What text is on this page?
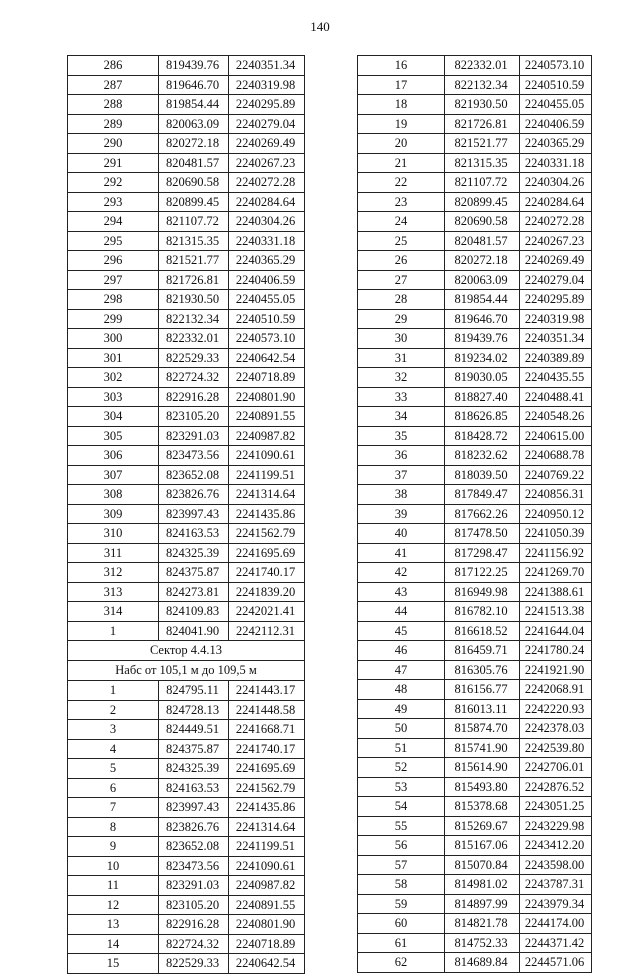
140
286	819439.76	2240351.34
287	819646.70	2240319.98
288	819854.44	2240295.89
289	820063.09	2240279.04
290	820272.18	2240269.49
291	820481.57	2240267.23
292	820690.58	2240272.28
293	820899.45	2240284.64
294	821107.72	2240304.26
295	821315.35	2240331.18
296	821521.77	2240365.29
297	821726.81	2240406.59
298	821930.50	2240455.05
299	822132.34	2240510.59
300	822332.01	2240573.10
301	822529.33	2240642.54
302	822724.32	2240718.89
303	822916.28	2240801.90
304	823105.20	2240891.55
305	823291.03	2240987.82
306	823473.56	2241090.61
307	823652.08	2241199.51
308	823826.76	2241314.64
309	823997.43	2241435.86
310	824163.53	2241562.79
311	824325.39	2241695.69
312	824375.87	2241740.17
313	824273.81	2241839.20
314	824109.83	2242021.41
1	824041.90	2242112.31
Сектор 4.4.13		
Набс от 105,1 м до 109,5 м		
1	824795.11	2241443.17
2	824728.13	2241448.58
3	824449.51	2241668.71
4	824375.87	2241740.17
5	824325.39	2241695.69
6	824163.53	2241562.79
7	823997.43	2241435.86
8	823826.76	2241314.64
9	823652.08	2241199.51
10	823473.56	2241090.61
11	823291.03	2240987.82
12	823105.20	2240891.55
13	822916.28	2240801.90
14	822724.32	2240718.89
15	822529.33	2240642.54
16	822332.01	2240573.10
17	822132.34	2240510.59
18	821930.50	2240455.05
19	821726.81	2240406.59
20	821521.77	2240365.29
21	821315.35	2240331.18
22	821107.72	2240304.26
23	820899.45	2240284.64
24	820690.58	2240272.28
25	820481.57	2240267.23
26	820272.18	2240269.49
27	820063.09	2240279.04
28	819854.44	2240295.89
29	819646.70	2240319.98
30	819439.76	2240351.34
31	819234.02	2240389.89
32	819030.05	2240435.55
33	818827.40	2240488.41
34	818626.85	2240548.26
35	818428.72	2240615.00
36	818232.62	2240688.78
37	818039.50	2240769.22
38	817849.47	2240856.31
39	817662.26	2240950.12
40	817478.50	2241050.39
41	817298.47	2241156.92
42	817122.25	2241269.70
43	816949.98	2241388.61
44	816782.10	2241513.38
45	816618.52	2241644.04
46	816459.71	2241780.24
47	816305.76	2241921.90
48	816156.77	2242068.91
49	816013.11	2242220.93
50	815874.70	2242378.03
51	815741.90	2242539.80
52	815614.90	2242706.01
53	815493.80	2242876.52
54	815378.68	2243051.25
55	815269.67	2243229.98
56	815167.06	2243412.20
57	815070.84	2243598.00
58	814981.02	2243787.31
59	814897.99	2243979.34
60	814821.78	2244174.00
61	814752.33	2244371.42
62	814689.84	2244571.06
